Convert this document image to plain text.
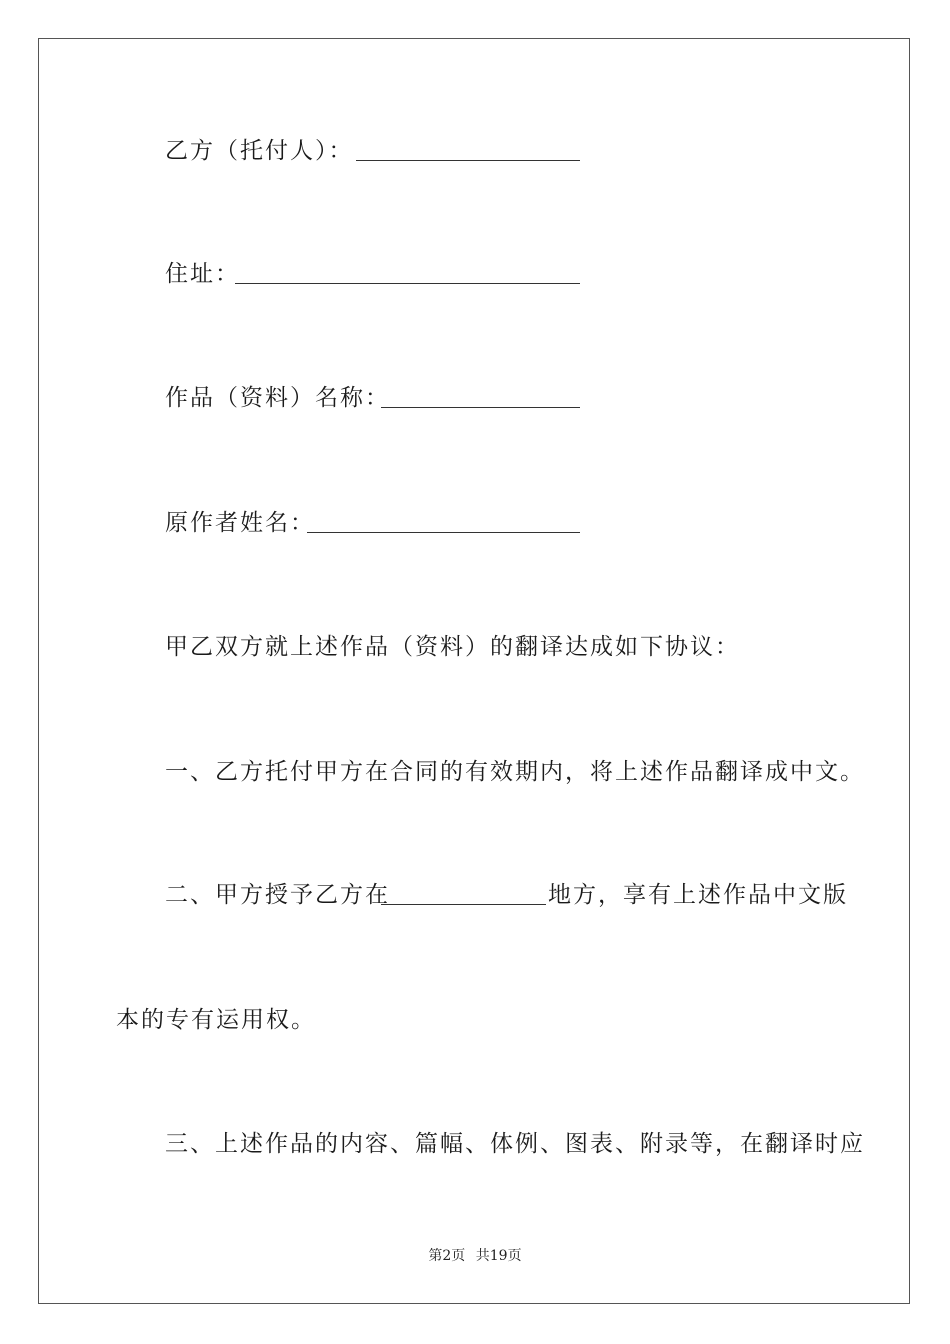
乙方（托付人）：
住址：
作品（资料）名称：
原作者姓名：
甲乙双方就上述作品（资料）的翻译达成如下协议：
一、乙方托付甲方在合同的有效期内，将上述作品翻译成中文。
二、甲方授予乙方在	地方，享有上述作品中文版
本的专有运用权。
三、上述作品的内容、篇幅、体例、图表、附录等，在翻译时应
第2页 共19页
